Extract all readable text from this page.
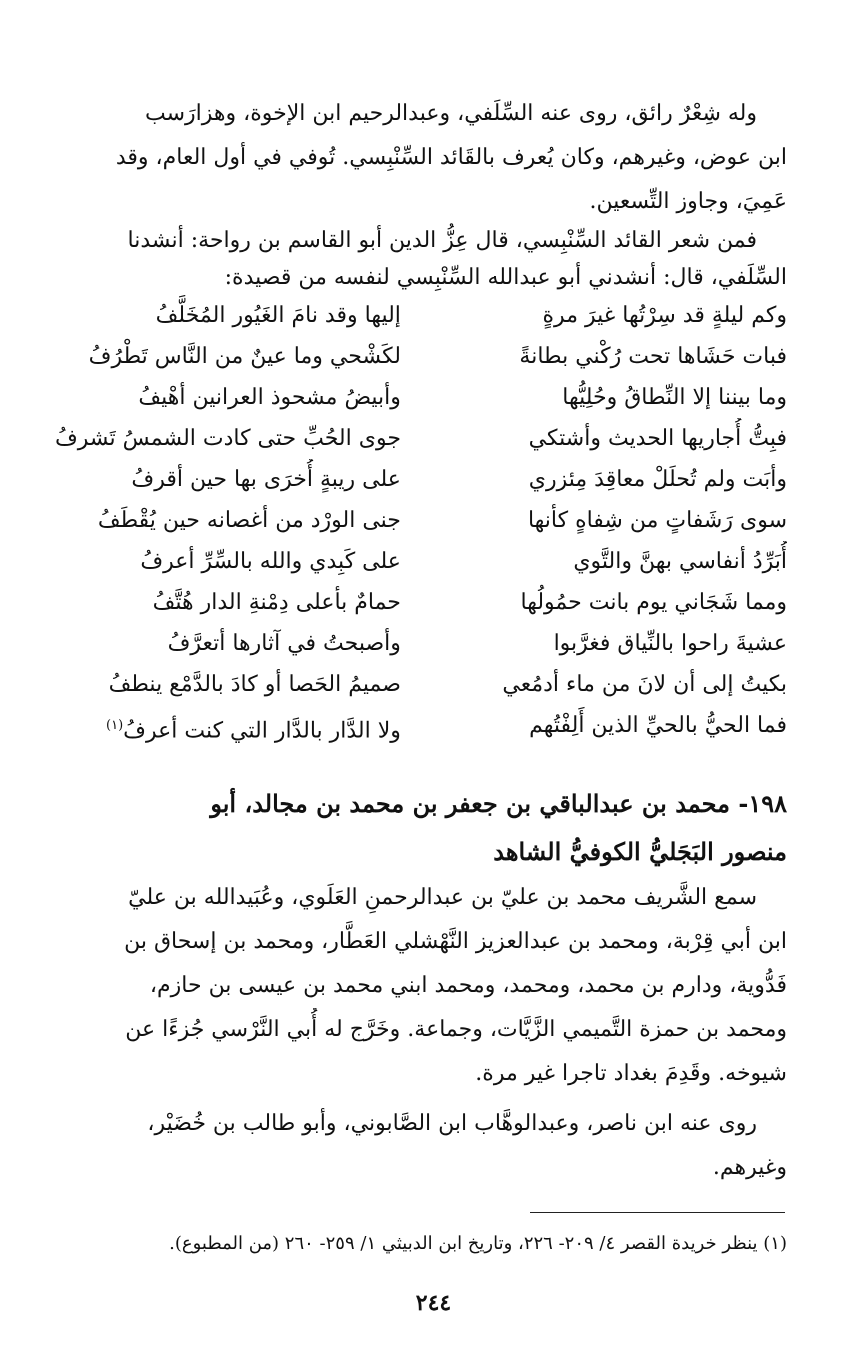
وله شِعْرٌ رائق، روى عنه السِّلَفي، وعبدالرحيم ابن الإخوة، وهزارَسب
ابن عوض، وغيرهم، وكان يُعرف بالقَائد السِّنْبِسي. تُوفي في أول العام، وقد
عَمِيَ، وجاوز التِّسعين.
فمن شعر القائد السِّنْبِسي، قال عِزُّ الدين أبو القاسم بن رواحة: أنشدنا
السِّلَفي، قال: أنشدني أبو عبدالله السِّنْبِسي لنفسه من قصيدة:
وكم ليلةٍ قد سِرْتُها غيرَ مرةٍ
إليها وقد نامَ الغَيُور المُخَلَّفُ
فبات حَشَاها تحت رُكْني بطانةً
لكَشْحي وما عينٌ من النَّاس تَطْرُفُ
وما بيننا إلا النِّطاقُ وحُلِيُّها
وأبيضُ مشحوذ العرانين أهْيفُ
فبِتُّ أُجاريها الحديث وأشتكي
جوى الحُبِّ حتى كادت الشمسُ تَشرفُ
وأبَت ولم تُحلَلْ معاقِدَ مِئزري
على ريبةٍ أُخرَى بها حين أقرفُ
سوى رَشَفاتٍ من شِفاهٍ كأنها
جنى الورْد من أغصانه حين يُقْطَفُ
أُبَرِّدُ أنفاسي بهنَّ والتَّوي
على كَبِدي والله بالسِّرِّ أعرفُ
ومما شَجَاني يوم بانت حمُولُها
حمامٌ بأعلى دِمْنةِ الدار هُتَّفُ
عشيةَ راحوا بالنِّياق فغرَّبوا
وأصبحتُ في آثارها أتعرَّفُ
بكيتُ إلى أن لانَ من ماء أدمُعي
صميمُ الحَصا أو كادَ بالدَّمْع ينطفُ
فما الحيُّ بالحيِّ الذين أَلِفْتُهم
ولا الدَّار بالدَّار التي كنت أعرفُ$^{(١)}$
١٩٨- محمد بن عبدالباقي بن جعفر بن محمد بن مجالد، أبو
منصور البَجَليُّ الكوفيُّ الشاهد
سمع الشَّريف محمد بن عليّ بن عبدالرحمنِ العَلَوي، وعُبَيدالله بن عليّ
ابن أبي قِرْبة، ومحمد بن عبدالعزيز النَّهْشلي العَطَّار، ومحمد بن إسحاق بن
فَدُّوية، ودارم بن محمد، ومحمد، ومحمد ابني محمد بن عيسى بن حازم،
ومحمد بن حمزة التَّميمي الزَّيَّات، وجماعة. وخَرَّج له أُبي النَّرْسي جُزءًا عن
شيوخه. وقَدِمَ بغداد تاجرا غير مرة.
روى عنه ابن ناصر، وعبدالوهَّاب ابن الصَّابوني، وأبو طالب بن خُضَيْر،
وغيرهم.
(١) ينظر خريدة القصر ٤/ ٢٠٩- ٢٢٦، وتاريخ ابن الدبيثي ١/ ٢٥٩- ٢٦٠ (من المطبوع).
٢٤٤
